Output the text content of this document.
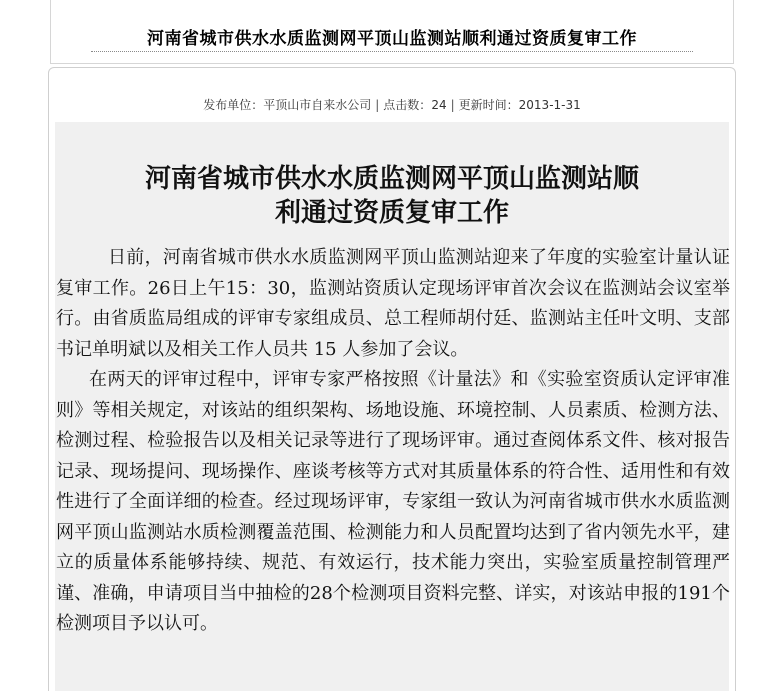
河南省城市供水水质监测网平顶山监测站顺利通过资质复审工作
发布单位：平顶山市自来水公司 | 点击数：24 | 更新时间：2013-1-31
河南省城市供水水质监测网平顶山监测站顺
利通过资质复审工作

日前，河南省城市供水水质监测网平顶山监测站迎来了年度的实验室计量认证复审工作。26日上午15：30，监测站资质认定现场评审首次会议在监测站会议室举行。由省质监局组成的评审专家组成员、总工程师胡付廷、监测站主任叶文明、支部书记单明斌以及相关工作人员共 15 人参加了会议。

在两天的评审过程中，评审专家严格按照《计量法》和《实验室资质认定评审准则》等相关规定，对该站的组织架构、场地设施、环境控制、人员素质、检测方法、检测过程、检验报告以及相关记录等进行了现场评审。通过查阅体系文件、核对报告记录、现场提问、现场操作、座谈考核等方式对其质量体系的符合性、适用性和有效性进行了全面详细的检查。经过现场评审，专家组一致认为河南省城市供水水质监测网平顶山监测站水质检测覆盖范围、检测能力和人员配置均达到了省内领先水平，建立的质量体系能够持续、规范、有效运行，技术能力突出，实验室质量控制管理严谨、准确，申请项目当中抽检的28个检测项目资料完整、详实，对该站申报的191个检测项目予以认可。
